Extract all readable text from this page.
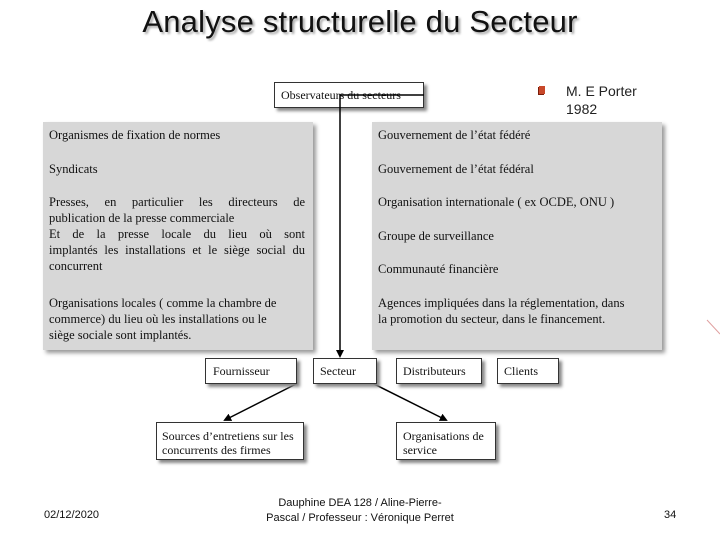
Analyse structurelle du Secteur
Observateurs du secteurs	M. E Porter
1982
Organismes de fixation de normes
Syndicats
Presses, en particulier les directeurs de
publication de la presse commerciale
Et de la presse locale du lieu où sont
implantés les installations et le siège social du
concurrent
Organisations locales ( comme la chambre de
commerce) du lieu où les installations ou le
siège sociale sont implantés.
Gouvernement de l’état fédéré
Gouvernement de l’état fédéral
Organisation internationale ( ex OCDE, ONU )
Groupe de surveillance
Communauté financière
Agences impliquées dans la réglementation, dans
la promotion du secteur, dans le financement.
Fournisseur	Secteur	Distributeurs	Clients
Sources d’entretiens sur les
concurrents des firmes
Organisations de
service
02/12/2020
Dauphine DEA 128 / Aline-Pierre-
Pascal / Professeur : Véronique Perret	34
